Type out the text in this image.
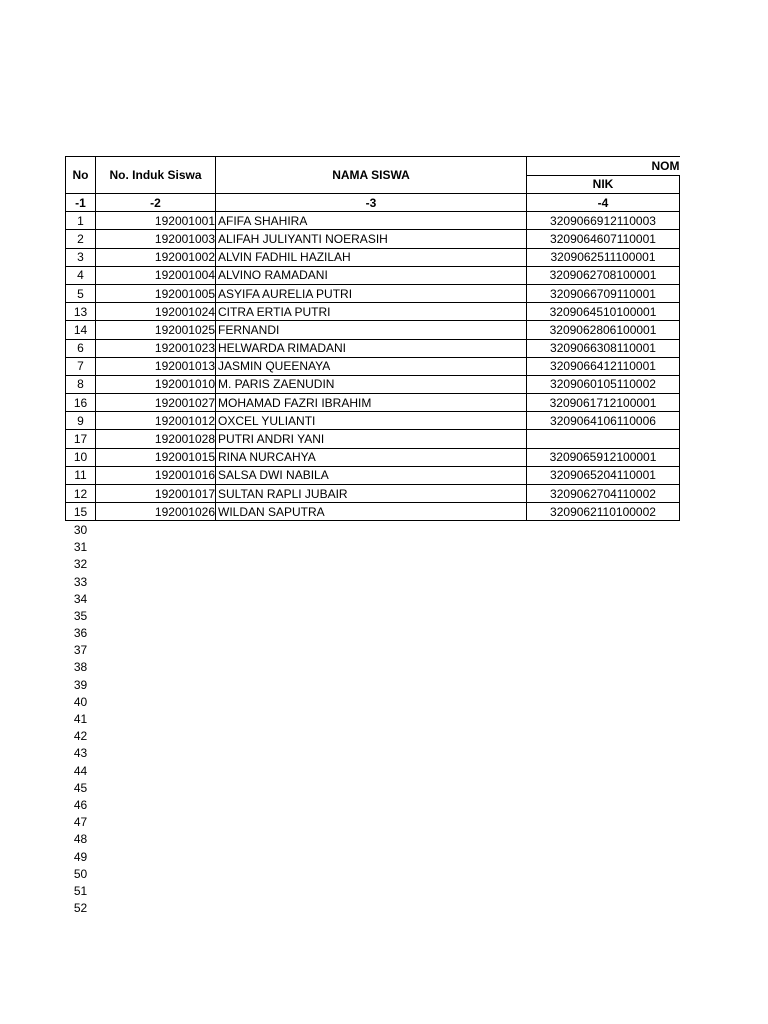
No	No. Induk Siswa	NAMA SISWA	NOM
			NIK
-1	-2	-3	-4
1	192001001	AFIFA SHAHIRA	3209066912110003
2	192001003	ALIFAH JULIYANTI NOERASIH	3209064607110001
3	192001002	ALVIN FADHIL HAZILAH	3209062511100001
4	192001004	ALVINO RAMADANI	3209062708100001
5	192001005	ASYIFA AURELIA PUTRI	3209066709110001
13	192001024	CITRA ERTIA PUTRI	3209064510100001
14	192001025	FERNANDI	3209062806100001
6	192001023	HELWARDA RIMADANI	3209066308110001
7	192001013	JASMIN QUEENAYA	3209066412110001
8	192001010	M. PARIS ZAENUDIN	3209060105110002
16	192001027	MOHAMAD FAZRI IBRAHIM	3209061712100001
9	192001012	OXCEL YULIANTI	3209064106110006
17	192001028	PUTRI ANDRI YANI	
10	192001015	RINA NURCAHYA	3209065912100001
11	192001016	SALSA DWI NABILA	3209065204110001
12	192001017	SULTAN RAPLI JUBAIR	3209062704110002
15	192001026	WILDAN SAPUTRA	3209062110100002
30			
31			
32			
33			
34			
35			
36			
37			
38			
39			
40			
41			
42			
43			
44			
45			
46			
47			
48			
49			
50			
51			
52			
